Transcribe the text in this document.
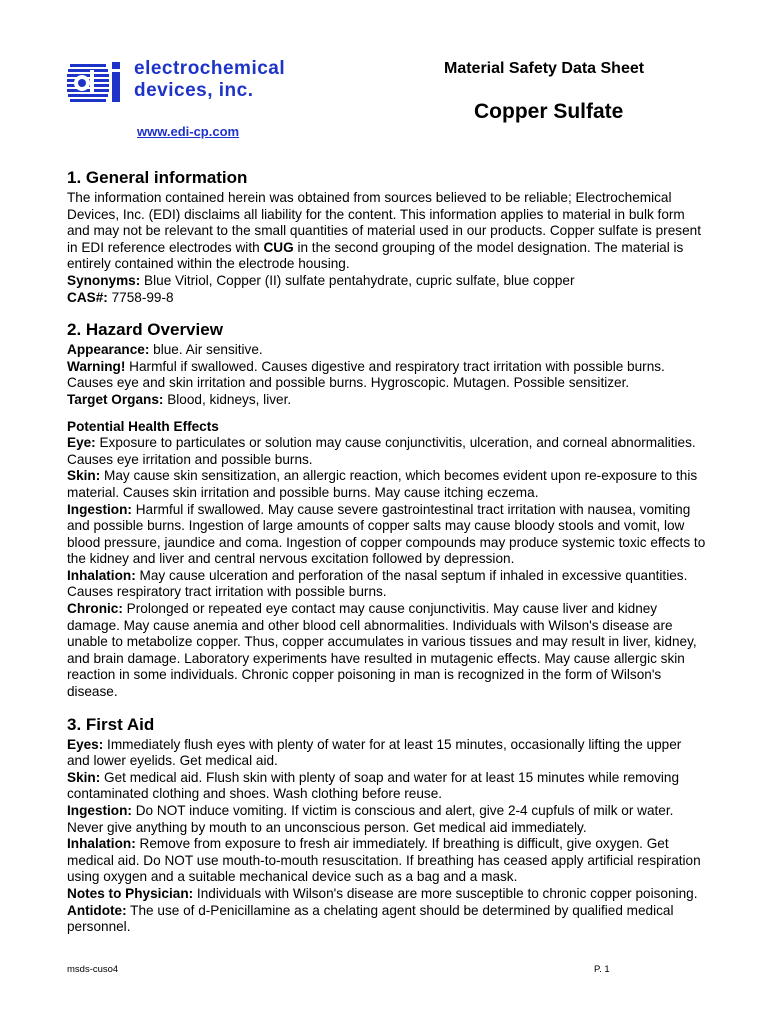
electrochemical
devices, inc.
www.edi-cp.com
Material Safety Data Sheet
Copper Sulfate
1. General information

The information contained herein was obtained from sources believed to be reliable; Electrochemical Devices, Inc. (EDI) disclaims all liability for the content. This information applies to material in bulk form and may not be relevant to the small quantities of material used in our products. Copper sulfate is present in EDI reference electrodes with CUG in the second grouping of the model designation. The material is entirely contained within the electrode housing.

Synonyms: Blue Vitriol, Copper (II) sulfate pentahydrate, cupric sulfate, blue copper

CAS#: 7758-99-8

2. Hazard Overview

Appearance: blue. Air sensitive.

Warning! Harmful if swallowed. Causes digestive and respiratory tract irritation with possible burns. Causes eye and skin irritation and possible burns. Hygroscopic. Mutagen. Possible sensitizer.

Target Organs: Blood, kidneys, liver.

Potential Health Effects

Eye: Exposure to particulates or solution may cause conjunctivitis, ulceration, and corneal abnormalities. Causes eye irritation and possible burns.

Skin: May cause skin sensitization, an allergic reaction, which becomes evident upon re-exposure to this material. Causes skin irritation and possible burns. May cause itching eczema.

Ingestion: Harmful if swallowed. May cause severe gastrointestinal tract irritation with nausea, vomiting and possible burns. Ingestion of large amounts of copper salts may cause bloody stools and vomit, low blood pressure, jaundice and coma. Ingestion of copper compounds may produce systemic toxic effects to the kidney and liver and central nervous excitation followed by depression.

Inhalation: May cause ulceration and perforation of the nasal septum if inhaled in excessive quantities. Causes respiratory tract irritation with possible burns.

Chronic: Prolonged or repeated eye contact may cause conjunctivitis. May cause liver and kidney damage. May cause anemia and other blood cell abnormalities. Individuals with Wilson's disease are unable to metabolize copper. Thus, copper accumulates in various tissues and may result in liver, kidney, and brain damage. Laboratory experiments have resulted in mutagenic effects. May cause allergic skin reaction in some individuals. Chronic copper poisoning in man is recognized in the form of Wilson's disease.

3. First Aid

Eyes: Immediately flush eyes with plenty of water for at least 15 minutes, occasionally lifting the upper and lower eyelids. Get medical aid.

Skin: Get medical aid. Flush skin with plenty of soap and water for at least 15 minutes while removing contaminated clothing and shoes. Wash clothing before reuse.

Ingestion: Do NOT induce vomiting. If victim is conscious and alert, give 2-4 cupfuls of milk or water. Never give anything by mouth to an unconscious person. Get medical aid immediately.

Inhalation: Remove from exposure to fresh air immediately. If breathing is difficult, give oxygen. Get medical aid. Do NOT use mouth-to-mouth resuscitation. If breathing has ceased apply artificial respiration using oxygen and a suitable mechanical device such as a bag and a mask.

Notes to Physician: Individuals with Wilson's disease are more susceptible to chronic copper poisoning.

Antidote: The use of d-Penicillamine as a chelating agent should be determined by qualified medical personnel.

msds-cuso4	P. 1
